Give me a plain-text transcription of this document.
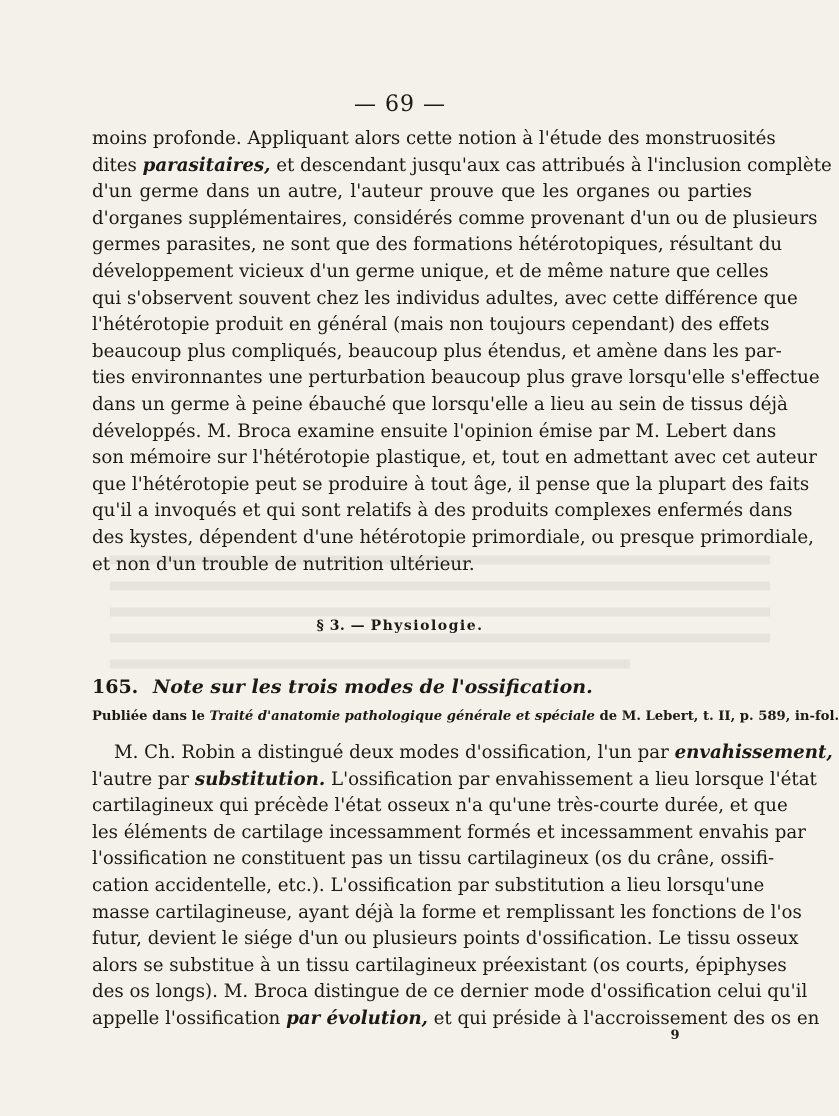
— 69 —

moins profonde. Appliquant alors cette notion à l'étude des monstruosités
dites parasitaires, et descendant jusqu'aux cas attribués à l'inclusion complète
d'un germe dans un autre, l'auteur prouve que les organes ou parties
d'organes supplémentaires, considérés comme provenant d'un ou de plusieurs
germes parasites, ne sont que des formations hétérotopiques, résultant du
développement vicieux d'un germe unique, et de même nature que celles
qui s'observent souvent chez les individus adultes, avec cette différence que
l'hétérotopie produit en général (mais non toujours cependant) des effets
beaucoup plus compliqués, beaucoup plus étendus, et amène dans les par-
ties environnantes une perturbation beaucoup plus grave lorsqu'elle s'effectue
dans un germe à peine ébauché que lorsqu'elle a lieu au sein de tissus déjà
développés. M. Broca examine ensuite l'opinion émise par M. Lebert dans
son mémoire sur l'hétérotopie plastique, et, tout en admettant avec cet auteur
que l'hétérotopie peut se produire à tout âge, il pense que la plupart des faits
qu'il a invoqués et qui sont relatifs à des produits complexes enfermés dans
des kystes, dépendent d'une hétérotopie primordiale, ou presque primordiale,
et non d'un trouble de nutrition ultérieur.

§ 3. — Physiologie.
165. Note sur les trois modes de l'ossification.
Publiée dans le Traité d'anatomie pathologique générale et spéciale de M. Lebert, t. II, p. 589, in-fol.

M. Ch. Robin a distingué deux modes d'ossification, l'un par envahissement,
l'autre par substitution. L'ossification par envahissement a lieu lorsque l'état
cartilagineux qui précède l'état osseux n'a qu'une très-courte durée, et que
les éléments de cartilage incessamment formés et incessamment envahis par
l'ossification ne constituent pas un tissu cartilagineux (os du crâne, ossifi-
cation accidentelle, etc.). L'ossification par substitution a lieu lorsqu'une
masse cartilagineuse, ayant déjà la forme et remplissant les fonctions de l'os
futur, devient le siége d'un ou plusieurs points d'ossification. Le tissu osseux
alors se substitue à un tissu cartilagineux préexistant (os courts, épiphyses
des os longs). M. Broca distingue de ce dernier mode d'ossification celui qu'il
appelle l'ossification par évolution, et qui préside à l'accroissement des os en

9
